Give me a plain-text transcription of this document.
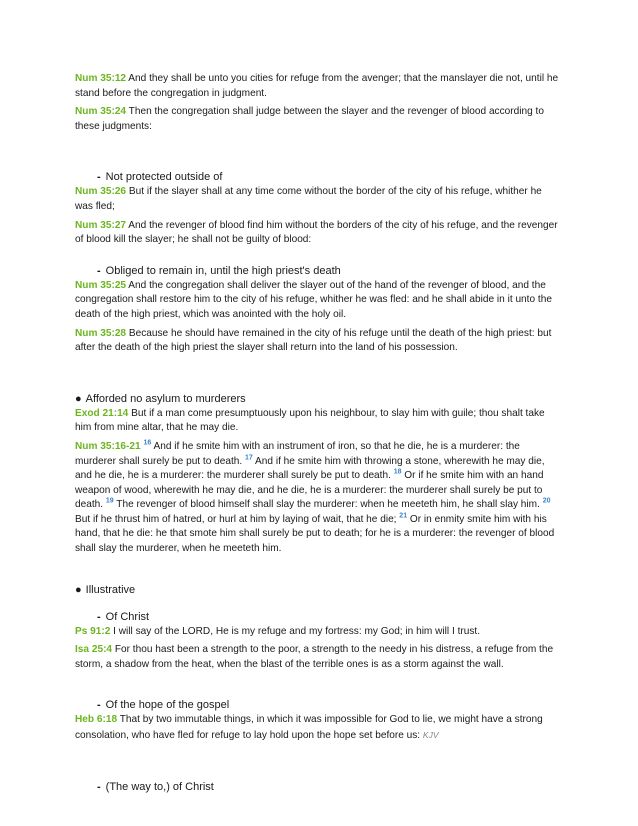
Num 35:12 And they shall be unto you cities for refuge from the avenger; that the manslayer die not, until he stand before the congregation in judgment.

Num 35:24 Then the congregation shall judge between the slayer and the revenger of blood according to these judgments:

- Not protected outside of

Num 35:26 But if the slayer shall at any time come without the border of the city of his refuge, whither he was fled;

Num 35:27 And the revenger of blood find him without the borders of the city of his refuge, and the revenger of blood kill the slayer; he shall not be guilty of blood:

- Obliged to remain in, until the high priest's death

Num 35:25 And the congregation shall deliver the slayer out of the hand of the revenger of blood, and the congregation shall restore him to the city of his refuge, whither he was fled: and he shall abide in it unto the death of the high priest, which was anointed with the holy oil.

Num 35:28 Because he should have remained in the city of his refuge until the death of the high priest: but after the death of the high priest the slayer shall return into the land of his possession.

● Afforded no asylum to murderers

Exod 21:14 But if a man come presumptuously upon his neighbour, to slay him with guile; thou shalt take him from mine altar, that he may die.

Num 35:16-21 $^{16}$ And if he smite him with an instrument of iron, so that he die, he is a murderer: the murderer shall surely be put to death. $^{17}$ And if he smite him with throwing a stone, wherewith he may die, and he die, he is a murderer: the murderer shall surely be put to death. $^{18}$ Or if he smite him with an hand weapon of wood, wherewith he may die, and he die, he is a murderer: the murderer shall surely be put to death. $^{19}$ The revenger of blood himself shall slay the murderer: when he meeteth him, he shall slay him. $^{20}$ But if he thrust him of hatred, or hurl at him by laying of wait, that he die; $^{21}$ Or in enmity smite him with his hand, that he die: he that smote him shall surely be put to death; for he is a murderer: the revenger of blood shall slay the murderer, when he meeteth him.

● Illustrative

- Of Christ

Ps 91:2 I will say of the LORD, He is my refuge and my fortress: my God; in him will I trust.

Isa 25:4 For thou hast been a strength to the poor, a strength to the needy in his distress, a refuge from the storm, a shadow from the heat, when the blast of the terrible ones is as a storm against the wall.

- Of the hope of the gospel

Heb 6:18 That by two immutable things, in which it was impossible for God to lie, we might have a strong consolation, who have fled for refuge to lay hold upon the hope set before us: KJV

- (The way to,) of Christ
